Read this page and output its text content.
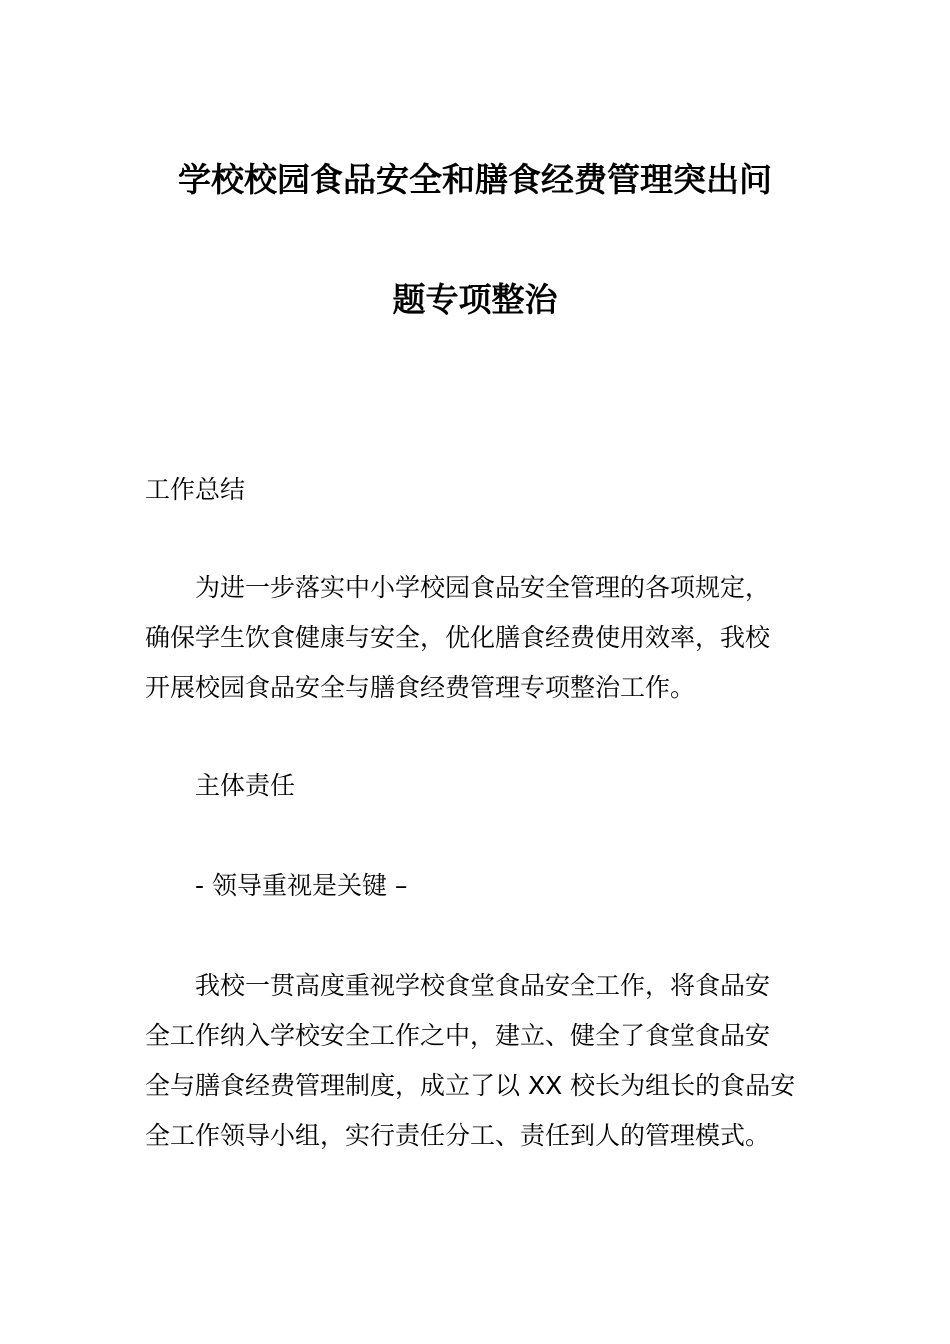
学校校园食品安全和膳食经费管理突出问
题专项整治
工作总结
　　为进一步落实中小学校园食品安全管理的各项规定，
确保学生饮食健康与安全，优化膳食经费使用效率，我校
开展校园食品安全与膳食经费管理专项整治工作。
主体责任
- 领导重视是关键 –
　　我校一贯高度重视学校食堂食品安全工作，将食品安
全工作纳入学校安全工作之中，建立、健全了食堂食品安
全与膳食经费管理制度，成立了以 XX 校长为组长的食品安
全工作领导小组，实行责任分工、责任到人的管理模式。
